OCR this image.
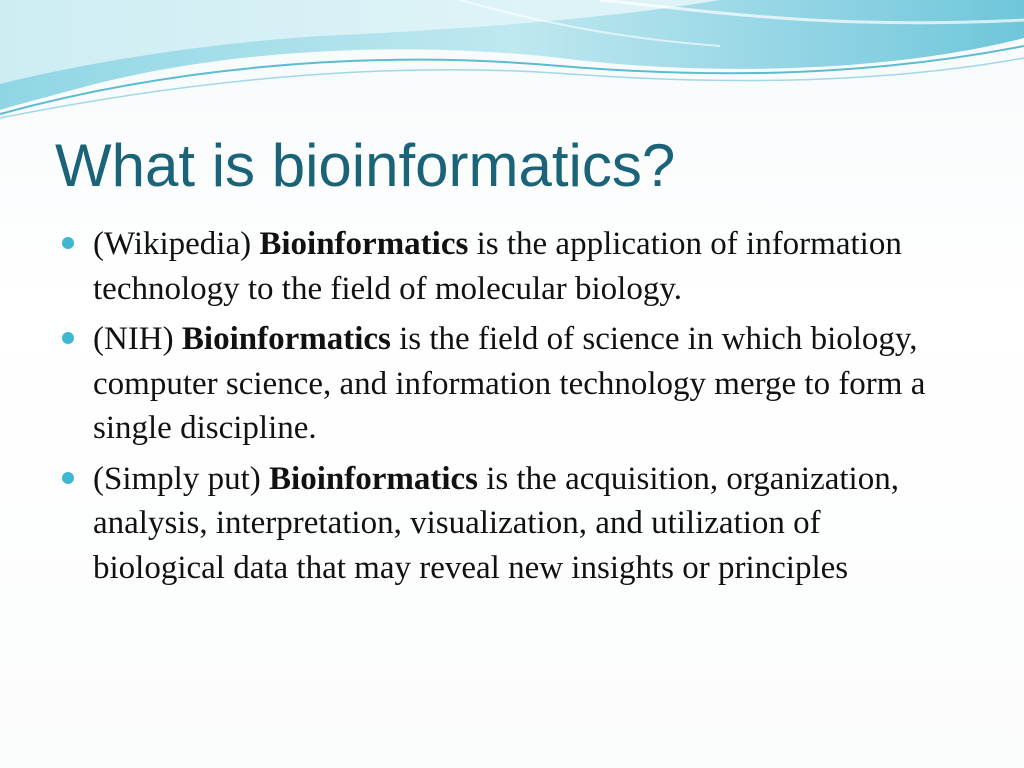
What is bioinformatics?
(Wikipedia) Bioinformatics is the application of information technology to the field of molecular biology.
(NIH) Bioinformatics is the field of science in which biology, computer science, and information technology merge to form a single discipline.
(Simply put) Bioinformatics is the acquisition, organization, analysis, interpretation, visualization, and utilization of biological data that may reveal new insights or principles
